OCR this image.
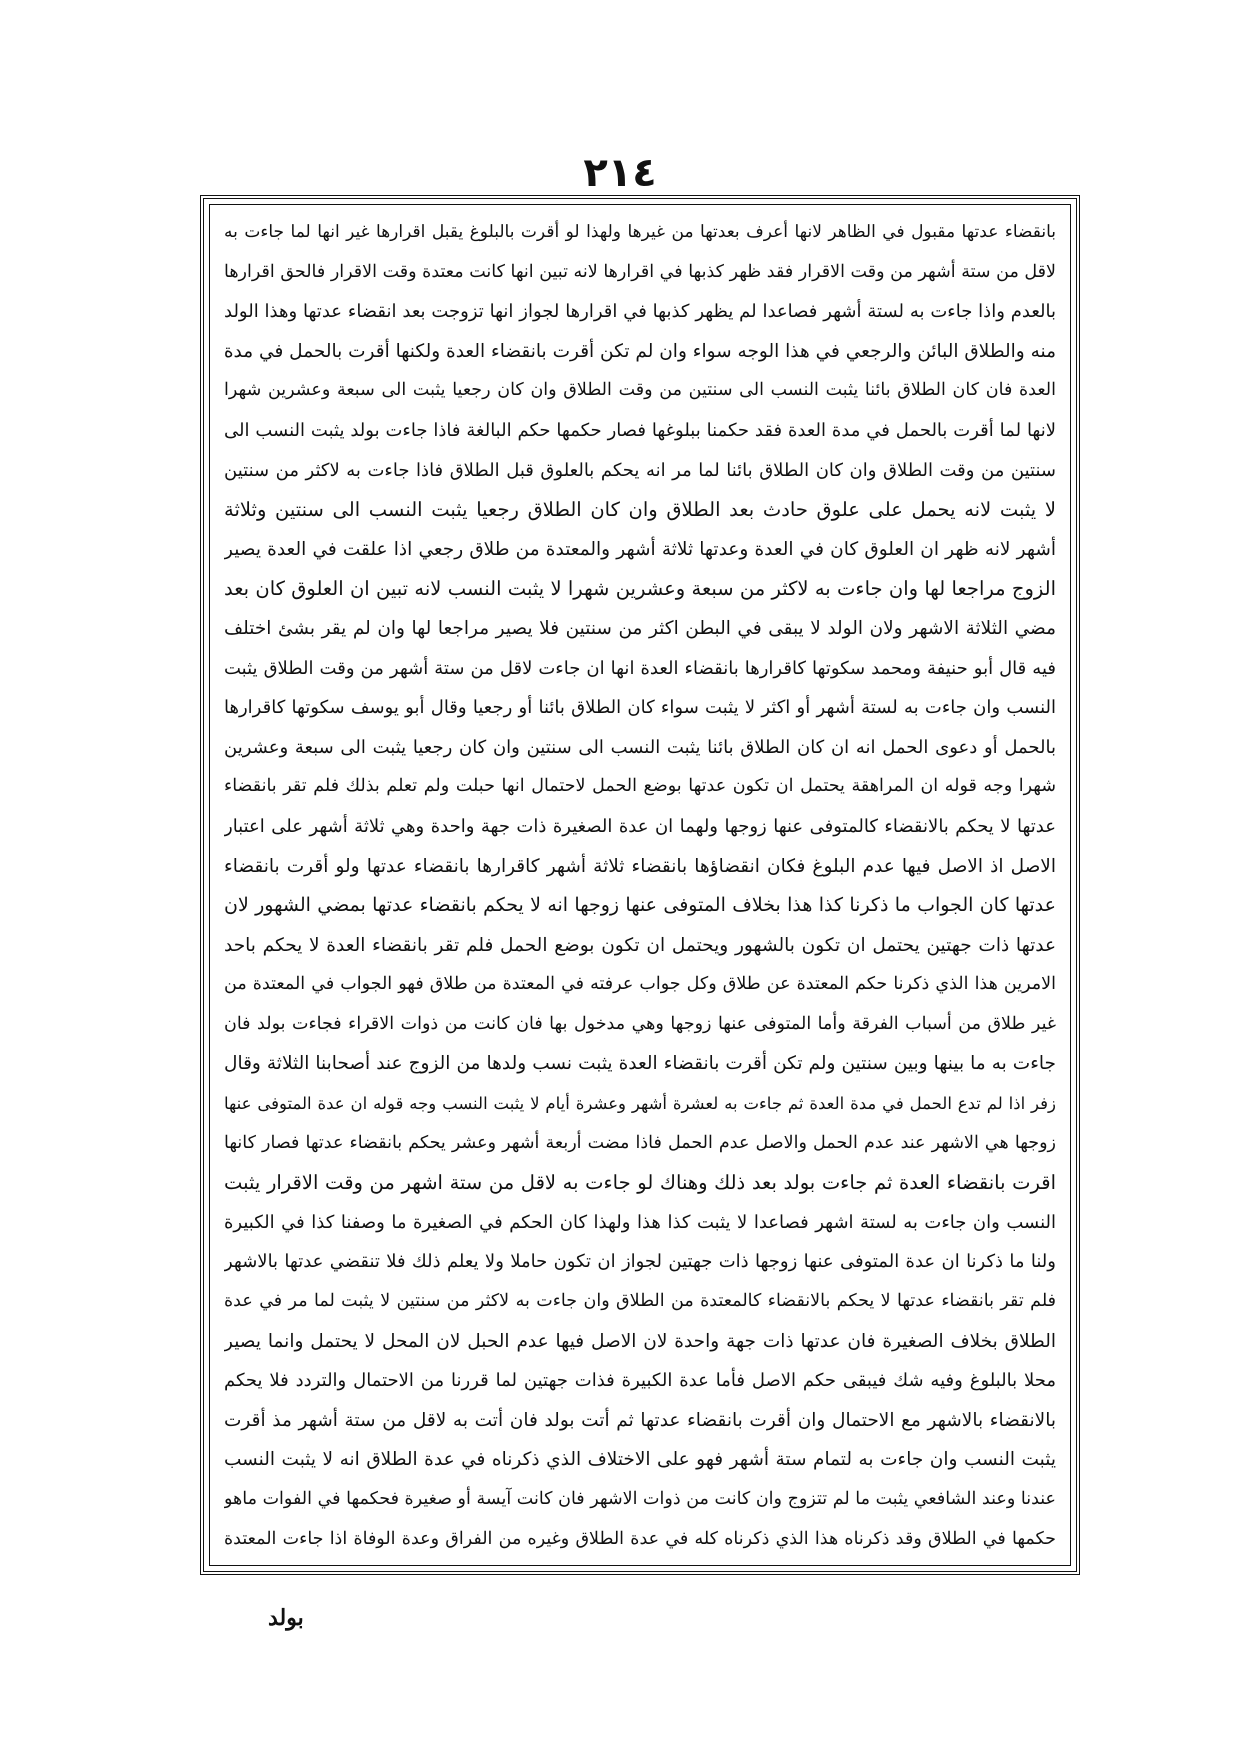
٢١٤
بانقضاء عدتها مقبول في الظاهر لانها أعرف بعدتها من غيرها ولهذا لو أقرت بالبلوغ يقبل اقرارها غير انها لما جاءت به
لاقل من ستة أشهر من وقت الاقرار فقد ظهر كذبها في اقرارها لانه تبين انها كانت معتدة وقت الاقرار فالحق اقرارها
بالعدم واذا جاءت به لستة أشهر فصاعدا لم يظهر كذبها في اقرارها لجواز انها تزوجت بعد انقضاء عدتها وهذا الولد
منه والطلاق البائن والرجعي في هذا الوجه سواء وان لم تكن أقرت بانقضاء العدة ولكنها أقرت بالحمل في مدة
العدة فان كان الطلاق بائنا يثبت النسب الى سنتين من وقت الطلاق وان كان رجعيا يثبت الى سبعة وعشرين شهرا
لانها لما أقرت بالحمل في مدة العدة فقد حكمنا ببلوغها فصار حكمها حكم البالغة فاذا جاءت بولد يثبت النسب الى
سنتين من وقت الطلاق وان كان الطلاق بائنا لما مر انه يحكم بالعلوق قبل الطلاق فاذا جاءت به لاكثر من سنتين
لا يثبت لانه يحمل على علوق حادث بعد الطلاق وان كان الطلاق رجعيا يثبت النسب الى سنتين وثلاثة
أشهر لانه ظهر ان العلوق كان في العدة وعدتها ثلاثة أشهر والمعتدة من طلاق رجعي اذا علقت في العدة يصير
الزوج مراجعا لها وان جاءت به لاكثر من سبعة وعشرين شهرا لا يثبت النسب لانه تبين ان العلوق كان بعد
مضي الثلاثة الاشهر ولان الولد لا يبقى في البطن اكثر من سنتين فلا يصير مراجعا لها وان لم يقر بشئ اختلف
فيه قال أبو حنيفة ومحمد سكوتها كاقرارها بانقضاء العدة انها ان جاءت لاقل من ستة أشهر من وقت الطلاق يثبت
النسب وان جاءت به لستة أشهر أو اكثر لا يثبت سواء كان الطلاق بائنا أو رجعيا وقال أبو يوسف سكوتها كاقرارها
بالحمل أو دعوى الحمل انه ان كان الطلاق بائنا يثبت النسب الى سنتين وان كان رجعيا يثبت الى سبعة وعشرين
شهرا وجه قوله ان المراهقة يحتمل ان تكون عدتها بوضع الحمل لاحتمال انها حبلت ولم تعلم بذلك فلم تقر بانقضاء
عدتها لا يحكم بالانقضاء كالمتوفى عنها زوجها ولهما ان عدة الصغيرة ذات جهة واحدة وهي ثلاثة أشهر على اعتبار
الاصل اذ الاصل فيها عدم البلوغ فكان انقضاؤها بانقضاء ثلاثة أشهر كاقرارها بانقضاء عدتها ولو أقرت بانقضاء
عدتها كان الجواب ما ذكرنا كذا هذا بخلاف المتوفى عنها زوجها انه لا يحكم بانقضاء عدتها بمضي الشهور لان
عدتها ذات جهتين يحتمل ان تكون بالشهور ويحتمل ان تكون بوضع الحمل فلم تقر بانقضاء العدة لا يحكم باحد
الامرين هذا الذي ذكرنا حكم المعتدة عن طلاق وكل جواب عرفته في المعتدة من طلاق فهو الجواب في المعتدة من
غير طلاق من أسباب الفرقة وأما المتوفى عنها زوجها وهي مدخول بها فان كانت من ذوات الاقراء فجاءت بولد فان
جاءت به ما بينها وبين سنتين ولم تكن أقرت بانقضاء العدة يثبت نسب ولدها من الزوج عند أصحابنا الثلاثة وقال
زفر اذا لم تدع الحمل في مدة العدة ثم جاءت به لعشرة أشهر وعشرة أيام لا يثبت النسب وجه قوله ان عدة المتوفى عنها
زوجها هي الاشهر عند عدم الحمل والاصل عدم الحمل فاذا مضت أربعة أشهر وعشر يحكم بانقضاء عدتها فصار كانها
اقرت بانقضاء العدة ثم جاءت بولد بعد ذلك وهناك لو جاءت به لاقل من ستة اشهر من وقت الاقرار يثبت
النسب وان جاءت به لستة اشهر فصاعدا لا يثبت كذا هذا ولهذا كان الحكم في الصغيرة ما وصفنا كذا في الكبيرة
ولنا ما ذكرنا ان عدة المتوفى عنها زوجها ذات جهتين لجواز ان تكون حاملا ولا يعلم ذلك فلا تنقضي عدتها بالاشهر
فلم تقر بانقضاء عدتها لا يحكم بالانقضاء كالمعتدة من الطلاق وان جاءت به لاكثر من سنتين لا يثبت لما مر في عدة
الطلاق بخلاف الصغيرة فان عدتها ذات جهة واحدة لان الاصل فيها عدم الحبل لان المحل لا يحتمل وانما يصير
محلا بالبلوغ وفيه شك فيبقى حكم الاصل فأما عدة الكبيرة فذات جهتين لما قررنا من الاحتمال والتردد فلا يحكم
بالانقضاء بالاشهر مع الاحتمال وان أقرت بانقضاء عدتها ثم أتت بولد فان أتت به لاقل من ستة أشهر مذ أقرت
يثبت النسب وان جاءت به لتمام ستة أشهر فهو على الاختلاف الذي ذكرناه في عدة الطلاق انه لا يثبت النسب
عندنا وعند الشافعي يثبت ما لم تتزوج وان كانت من ذوات الاشهر فان كانت آيسة أو صغيرة فحكمها في الفوات ماهو
حكمها في الطلاق وقد ذكرناه هذا الذي ذكرناه كله في عدة الطلاق وغيره من الفراق وعدة الوفاة اذا جاءت المعتدة
بولد
